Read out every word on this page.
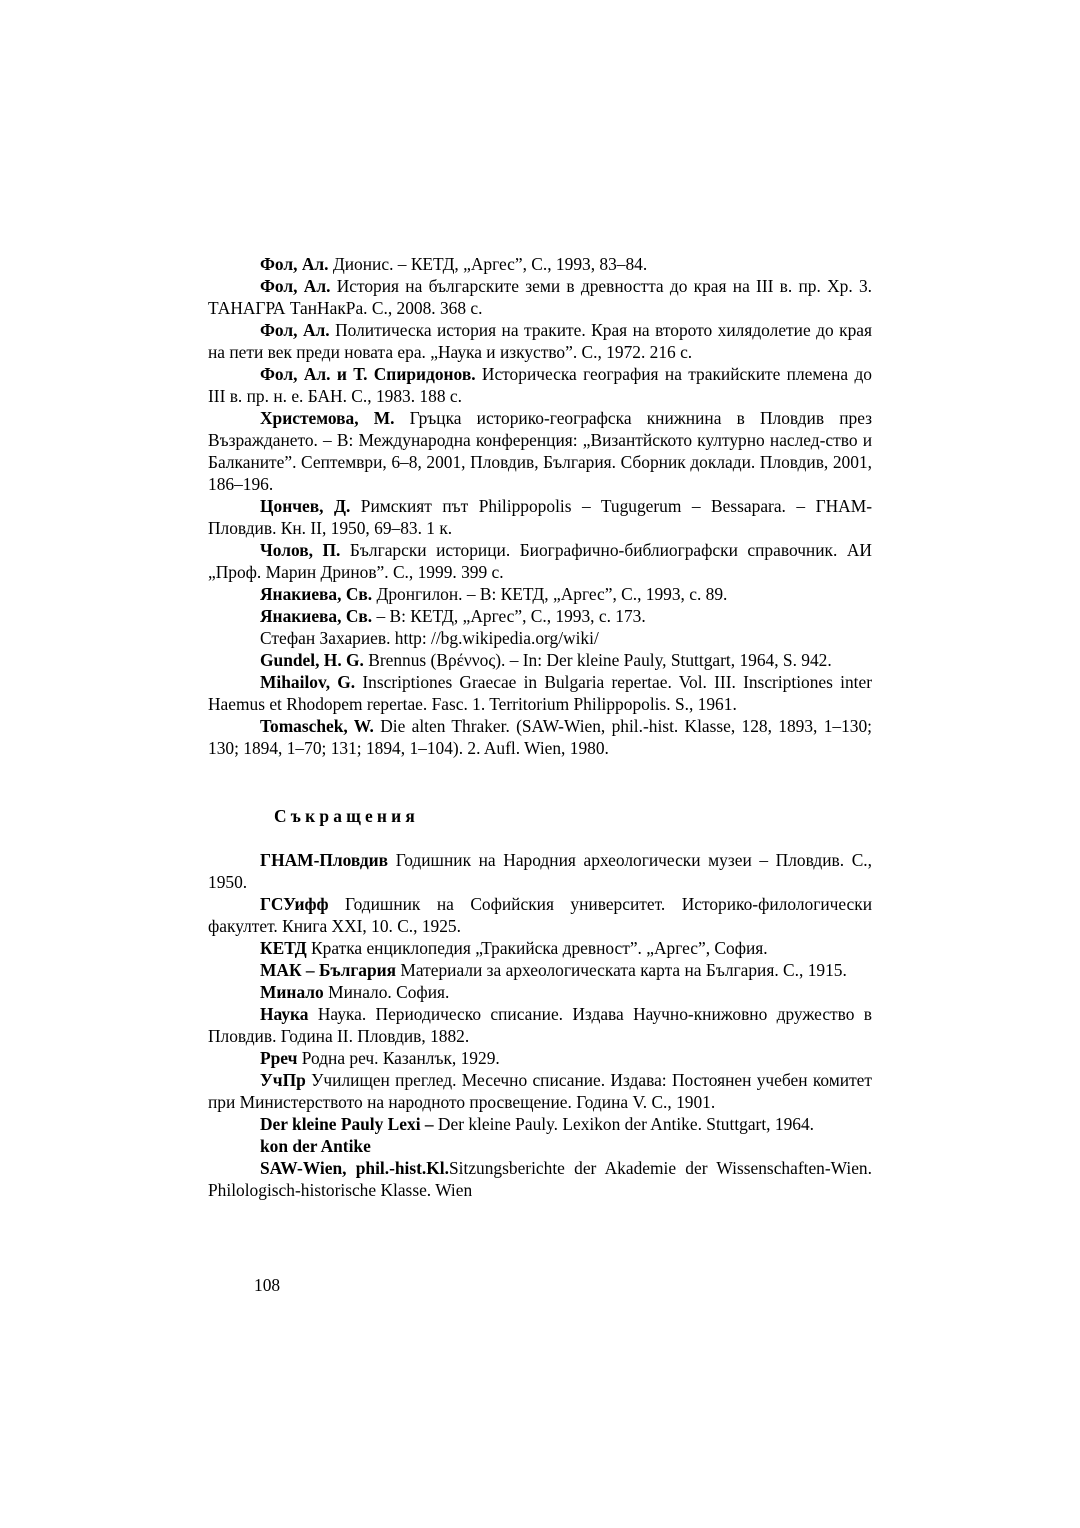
Фол, Ал. Дионис. – КЕТД, „Аргес”, С., 1993, 83–84.

Фол, Ал. История на българските земи в древността до края на III в. пр. Хр. 3. ТАНАГРА ТанНакРа. С., 2008. 368 с.

Фол, Ал. Политическа история на траките. Края на второто хилядолетие до края на пети век преди новата ера. „Наука и изкуство”. С., 1972. 216 с.

Фол, Ал. и Т. Спиридонов. Историческа география на тракийските племена до III в. пр. н. е. БАН. С., 1983. 188 с.

Христемова, М. Гръцка историко-географска книжнина в Пловдив през Възраждането. – В: Международна конференция: „Византйското културно наслед-ство и Балканите”. Септември, 6–8, 2001, Пловдив, България. Сборник доклади. Пловдив, 2001, 186–196.

Цончев, Д. Римският път Philippopolis – Tugugerum – Bessapara. – ГНАМ-Пловдив. Кн. II, 1950, 69–83. 1 к.

Чолов, П. Български историци. Биографично-библиографски справочник. АИ „Проф. Марин Дринов”. С., 1999. 399 с.

Янакиева, Св. Дронгилон. – В: КЕТД, „Аргес”, С., 1993, с. 89.

Янакиева, Св. – В: КЕТД, „Аргес”, С., 1993, с. 173.

Стефан Захариев. http: //bg.wikipedia.org/wiki/

Gundel, H. G. Brennus (Βρέννος). – In: Der kleine Pauly, Stuttgart, 1964, S. 942.

Mihailov, G. Inscriptiones Graecae in Bulgaria repertae. Vol. III. Inscriptiones inter Haemus et Rhodopem repertae. Fasc. 1. Territorium Philippopolis. S., 1961.

Tomaschek, W. Die alten Thraker. (SAW-Wien, phil.-hist. Klasse, 128, 1893, 1–130; 130; 1894, 1–70; 131; 1894, 1–104). 2. Aufl. Wien, 1980.

Съкращения

ГНАМ-Пловдив Годишник на Народния археологически музеи – Пловдив. С., 1950.

ГСУифф Годишник на Софийския университет. Историко-филологически факултет. Книга XXI, 10. С., 1925.

КЕТД Кратка енциклопедия „Тракийска древност”. „Аргес”, София.

МАК – България Материали за археологическата карта на България. С., 1915.

Минало Минало. София.

Наука Наука. Периодическо списание. Издава Научно-книжовно дружество в Пловдив. Година II. Пловдив, 1882.

Рреч Родна реч. Казанлък, 1929.

УчПр Училищен преглед. Месечно списание. Издава: Постоянен учебен комитет при Министерството на народното просвещение. Година V. С., 1901.

Der kleine Pauly Lexi – Der kleine Pauly. Lexikon der Antike. Stuttgart, 1964.

kon der Antike

SAW-Wien, phil.-hist.Kl.Sitzungsberichte der Akademie der Wissenschaften-Wien. Philologisch-historische Klasse. Wien

108
